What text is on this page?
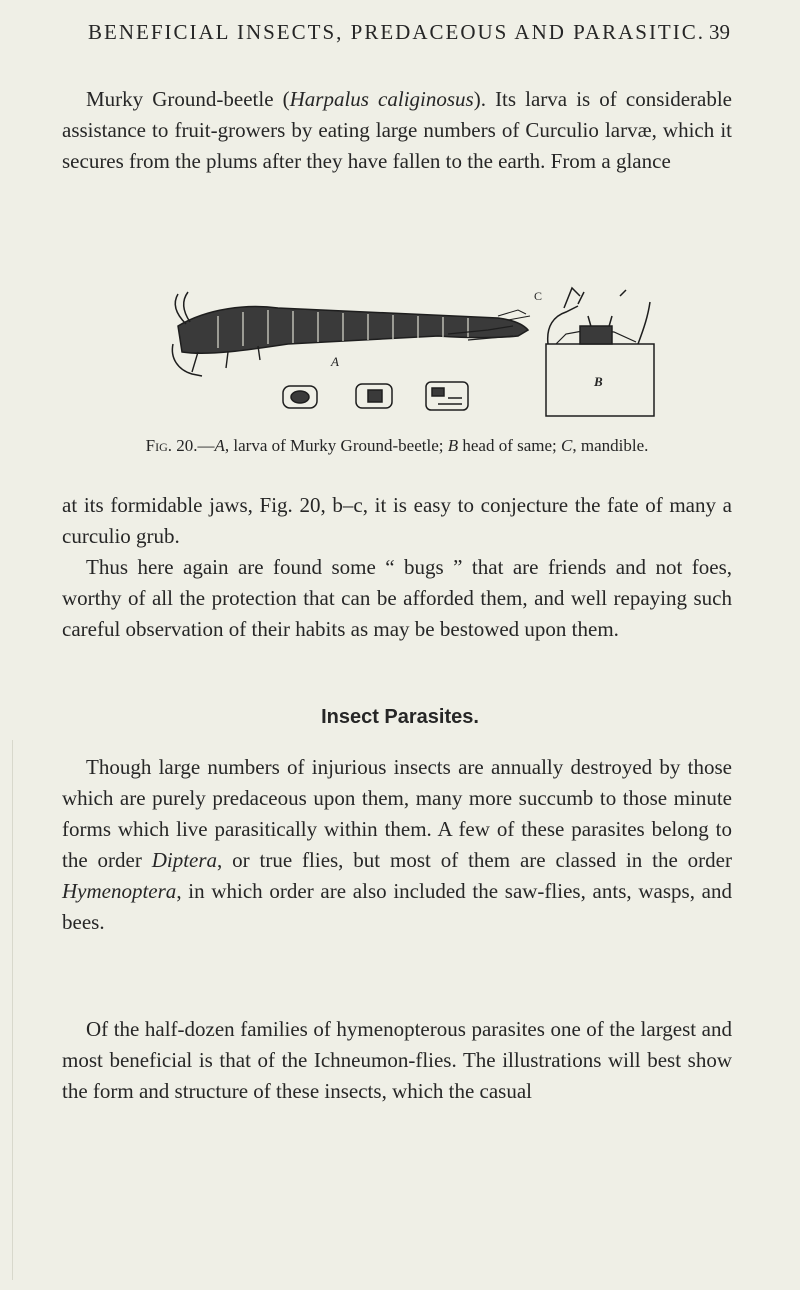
BENEFICIAL INSECTS, PREDACEOUS AND PARASITIC. 39

Murky Ground-beetle (Harpalus caliginosus). Its larva is of considerable assistance to fruit-growers by eating large numbers of Curculio larvæ, which it secures from the plums after they have fallen to the earth. From a glance

A
C
B
Fig. 20.—A, larva of Murky Ground-beetle; B head of same; C, mandible.

at its formidable jaws, Fig. 20, b–c, it is easy to conjecture the fate of many a curculio grub.

Thus here again are found some “ bugs ” that are friends and not foes, worthy of all the protection that can be afforded them, and well repaying such careful observation of their habits as may be bestowed upon them.

Insect Parasites.

Though large numbers of injurious insects are annually destroyed by those which are purely predaceous upon them, many more succumb to those minute forms which live parasitically within them. A few of these parasites belong to the order Diptera, or true flies, but most of them are classed in the order Hymenoptera, in which order are also included the saw-flies, ants, wasps, and bees.

Of the half-dozen families of hymenopterous parasites one of the largest and most beneficial is that of the Ichneumon-flies. The illustrations will best show the form and structure of these insects, which the casual
